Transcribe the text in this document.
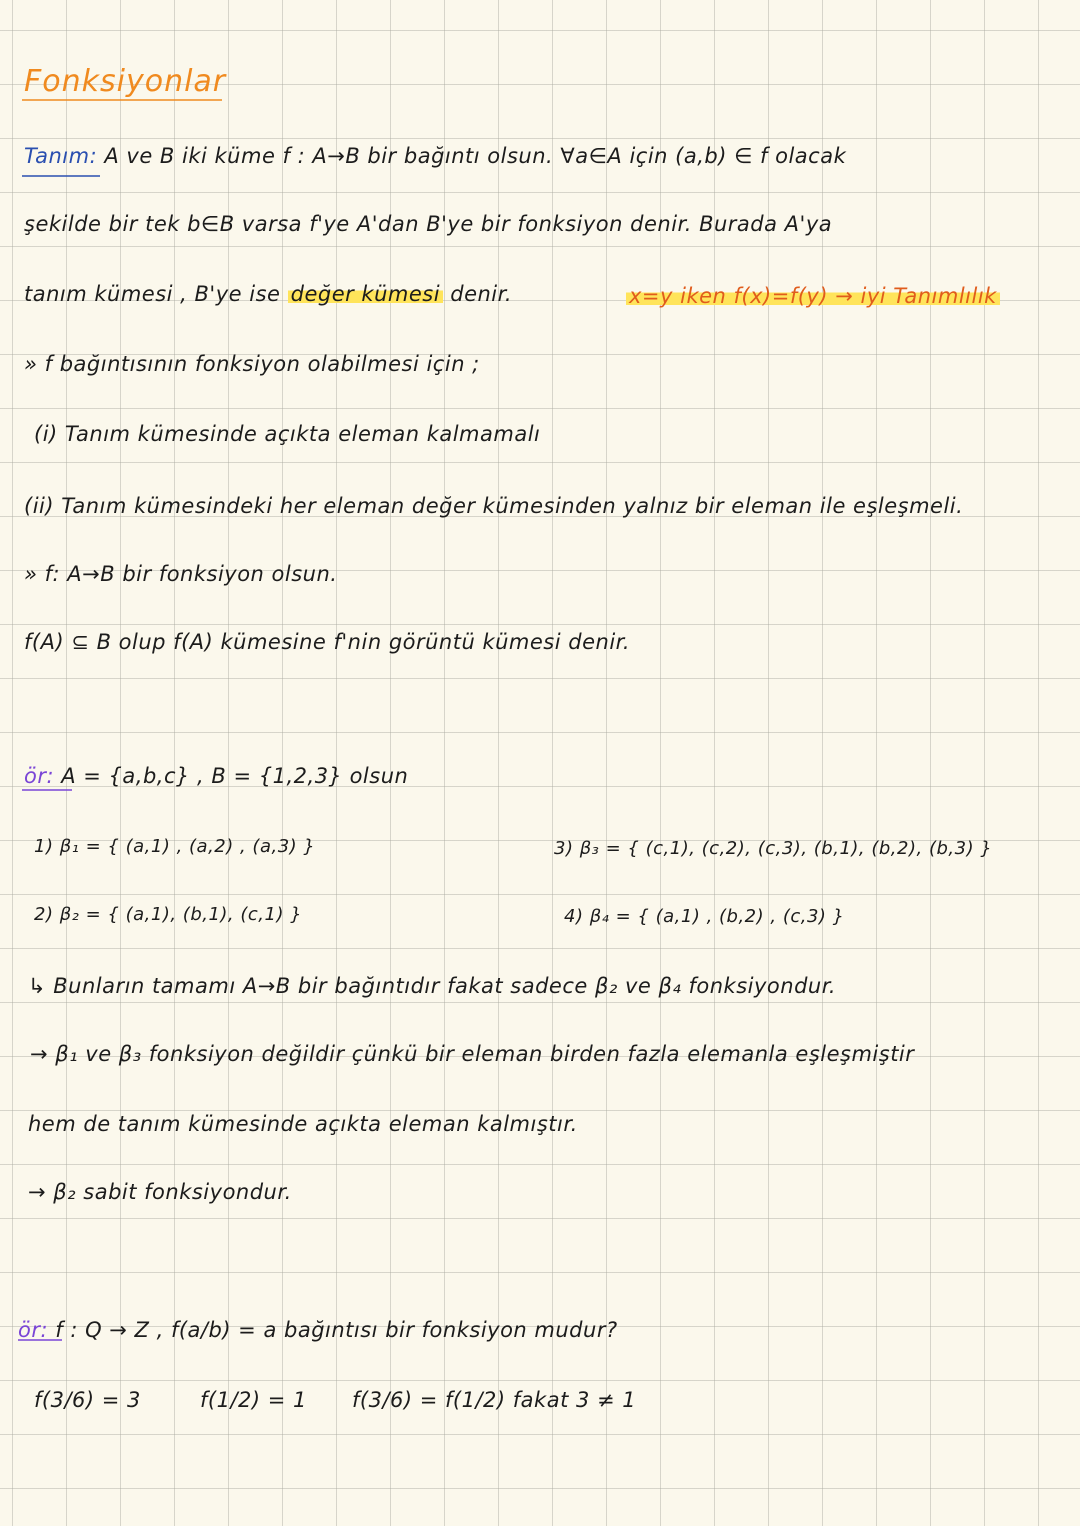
Fonksiyonlar
Tanım: A ve B iki küme f : A→B bir bağıntı olsun. ∀a∈A için (a,b) ∈ f olacak
şekilde bir tek b∈B varsa f'ye A'dan B'ye bir fonksiyon denir. Burada A'ya
tanım kümesi , B'ye ise değer kümesi denir.	x=y iken f(x)=f(y) → iyi Tanımlılık
» f bağıntısının fonksiyon olabilmesi için ;
(i) Tanım kümesinde açıkta eleman kalmamalı
(ii) Tanım kümesindeki her eleman değer kümesinden yalnız bir eleman ile eşleşmeli.
» f: A→B bir fonksiyon olsun.
f(A) ⊆ B olup f(A) kümesine f'nin görüntü kümesi denir.
ör: A = {a,b,c} , B = {1,2,3} olsun
1) β₁ = { (a,1) , (a,2) , (a,3) }	3) β₃ = { (c,1), (c,2), (c,3), (b,1), (b,2), (b,3) }
2) β₂ = { (a,1), (b,1), (c,1) }	4) β₄ = { (a,1) , (b,2) , (c,3) }
↳ Bunların tamamı A→B bir bağıntıdır fakat sadece β₂ ve β₄ fonksiyondur.
→ β₁ ve β₃ fonksiyon değildir çünkü bir eleman birden fazla elemanla eşleşmiştir
hem de tanım kümesinde açıkta eleman kalmıştır.
→ β₂ sabit fonksiyondur.
ör: f : Q → Z , f(a/b) = a bağıntısı bir fonksiyon mudur?
f(3/6) = 3	f(1/2) = 1 f(3/6) = f(1/2) fakat 3 ≠ 1
